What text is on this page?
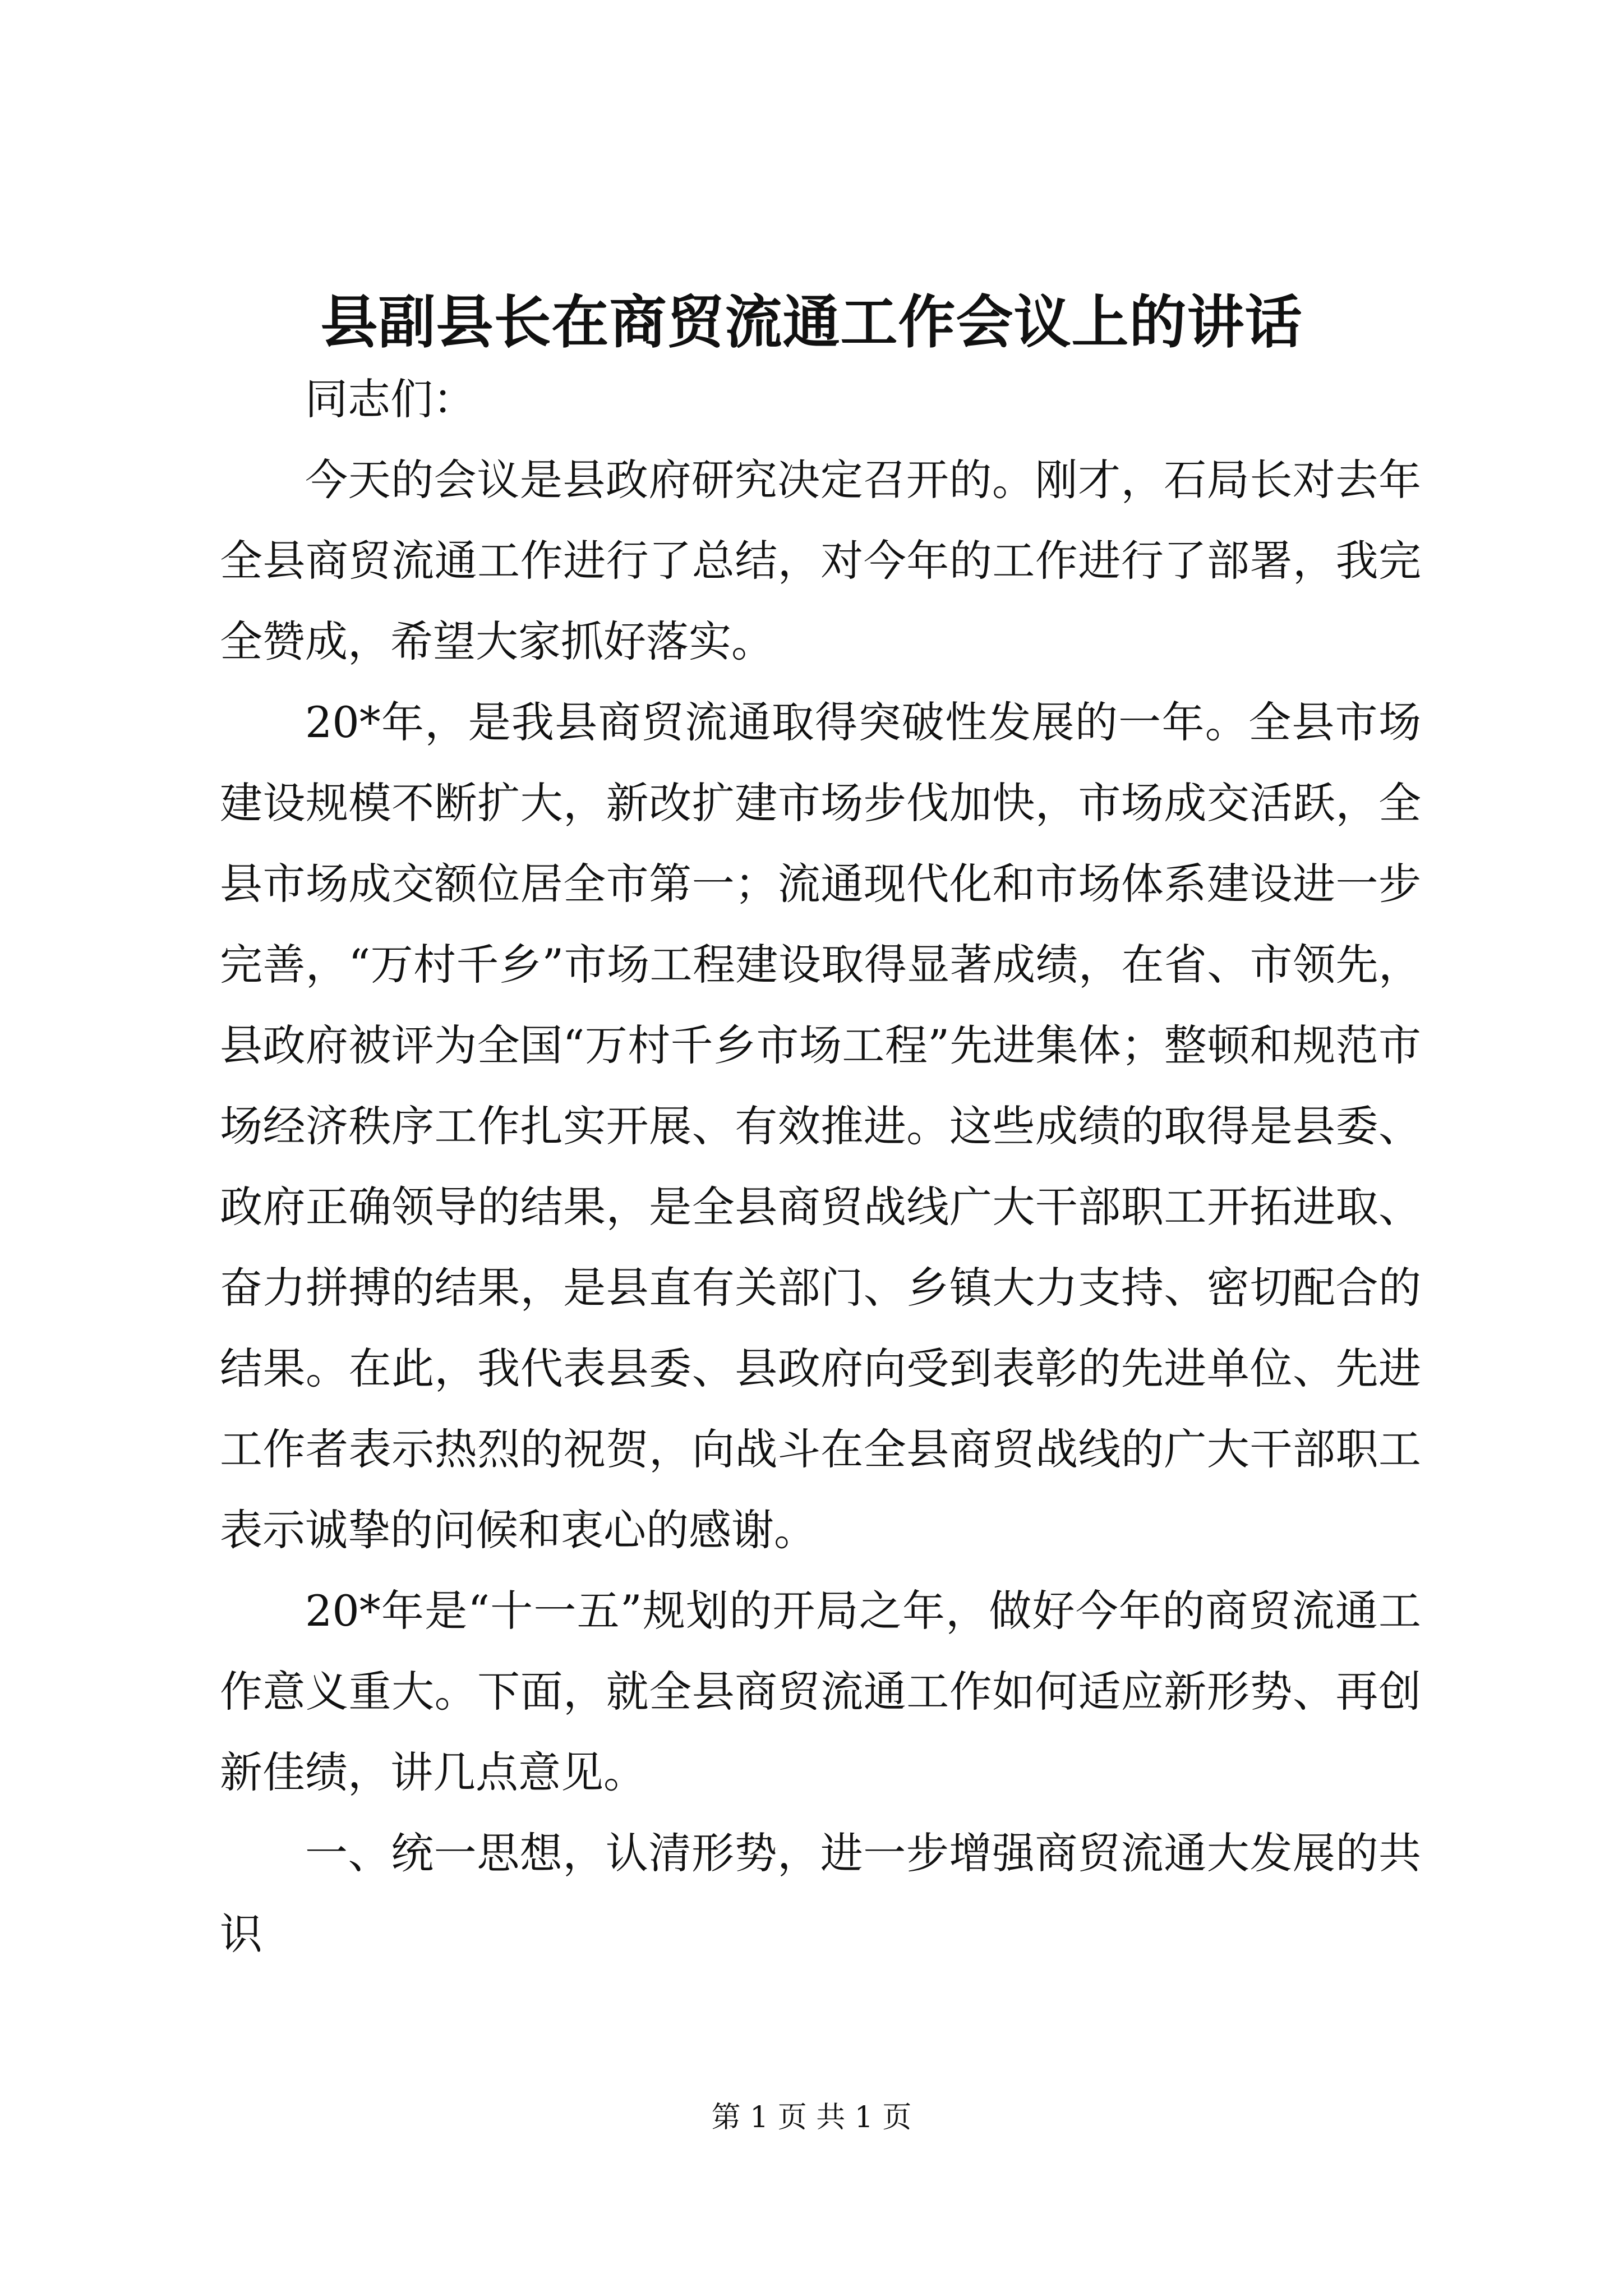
县副县长在商贸流通工作会议上的讲话

同志们：

今天的会议是县政府研究决定召开的。刚才，石局长对去年全县商贸流通工作进行了总结，对今年的工作进行了部署，我完全赞成，希望大家抓好落实。

20*年，是我县商贸流通取得突破性发展的一年。全县市场建设规模不断扩大，新改扩建市场步伐加快，市场成交活跃，全县市场成交额位居全市第一；流通现代化和市场体系建设进一步完善，“万村千乡”市场工程建设取得显著成绩，在省、市领先，县政府被评为全国“万村千乡市场工程”先进集体；整顿和规范市场经济秩序工作扎实开展、有效推进。这些成绩的取得是县委、政府正确领导的结果，是全县商贸战线广大干部职工开拓进取、奋力拼搏的结果，是县直有关部门、乡镇大力支持、密切配合的结果。在此，我代表县委、县政府向受到表彰的先进单位、先进工作者表示热烈的祝贺，向战斗在全县商贸战线的广大干部职工表示诚挚的问候和衷心的感谢。

20*年是“十一五”规划的开局之年，做好今年的商贸流通工作意义重大。下面，就全县商贸流通工作如何适应新形势、再创新佳绩，讲几点意见。

一、统一思想，认清形势，进一步增强商贸流通大发展的共识

第 1 页 共 1 页
